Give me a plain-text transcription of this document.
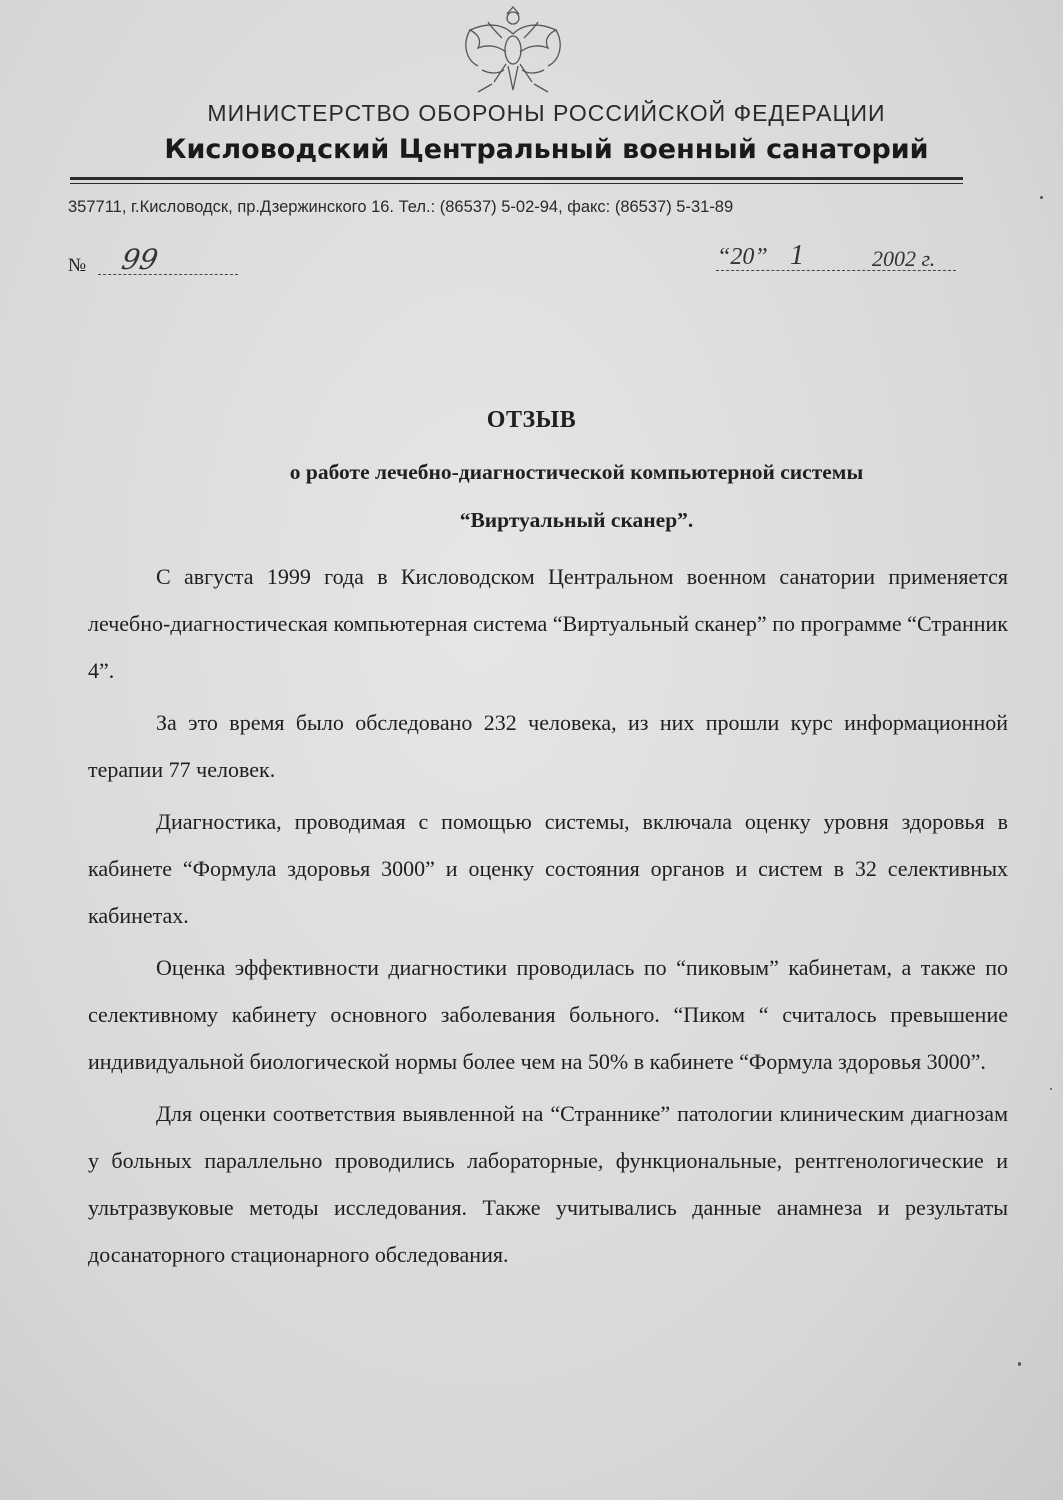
МИНИСТЕРСТВО ОБОРОНЫ РОССИЙСКОЙ ФЕДЕРАЦИИ
Кисловодский Центральный военный санаторий
357711, г.Кисловодск, пр.Дзержинского 16. Тел.: (86537) 5-02-94, факс: (86537) 5-31-89
№ 99	“20” 1	2002 г.
ОТЗЫВ
о работе лечебно-диагностической компьютерной системы
“Виртуальный сканер”.

С августа 1999 года в Кисловодском Центральном военном санатории применяется лечебно-диагностическая компьютерная система “Виртуальный сканер” по программе “Странник 4”.

За это время было обследовано 232 человека, из них прошли курс информационной терапии 77 человек.

Диагностика, проводимая с помощью системы, включала оценку уровня здоровья в кабинете “Формула здоровья 3000” и оценку состояния органов и систем в 32 селективных кабинетах.

Оценка эффективности диагностики проводилась по “пиковым” кабинетам, а также по селективному кабинету основного заболевания больного. “Пиком “ считалось превышение индивидуальной биологической нормы более чем на 50% в кабинете “Формула здоровья 3000”.

Для оценки соответствия выявленной на “Страннике” патологии клиническим диагнозам у больных параллельно проводились лабораторные, функциональные, рентгенологические и ультразвуковые методы исследования. Также учитывались данные анамнеза и результаты досанаторного стационарного обследования.
